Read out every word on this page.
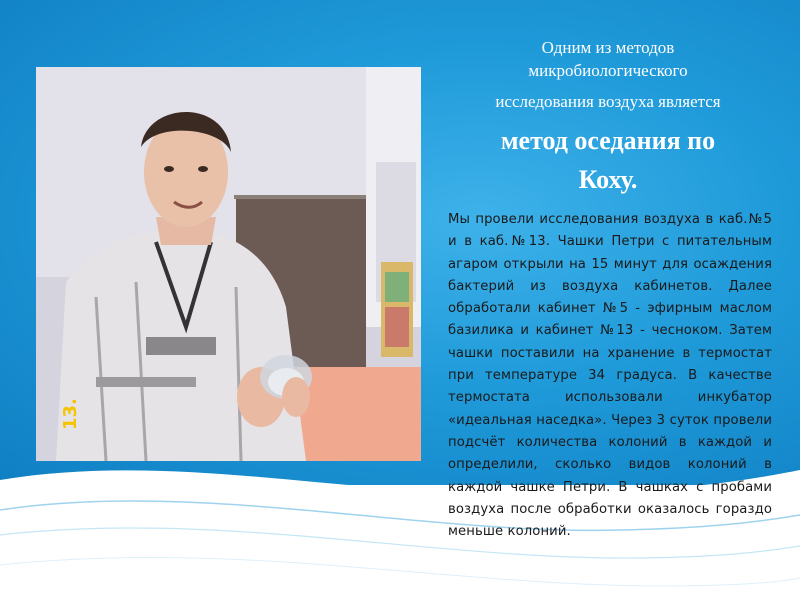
13.
Одним из методов
микробиологического
исследования воздуха является
метод оседания по
Коху.
Мы провели исследования воздуха в каб.№5 и в каб.№13. Чашки Петри с питательным агаром открыли на 15 минут для осаждения бактерий из воздуха кабинетов. Далее обработали кабинет №5 - эфирным маслом базилика и кабинет №13 - чесноком. Затем чашки поставили на хранение в термостат при температуре 34 градуса. В качестве термостата использовали инкубатор «идеальная наседка». Через 3 суток провели подсчёт количества колоний в каждой и определили, сколько видов колоний в каждой чашке Петри. В чашках с пробами воздуха после обработки оказалось гораздо меньше колоний.
